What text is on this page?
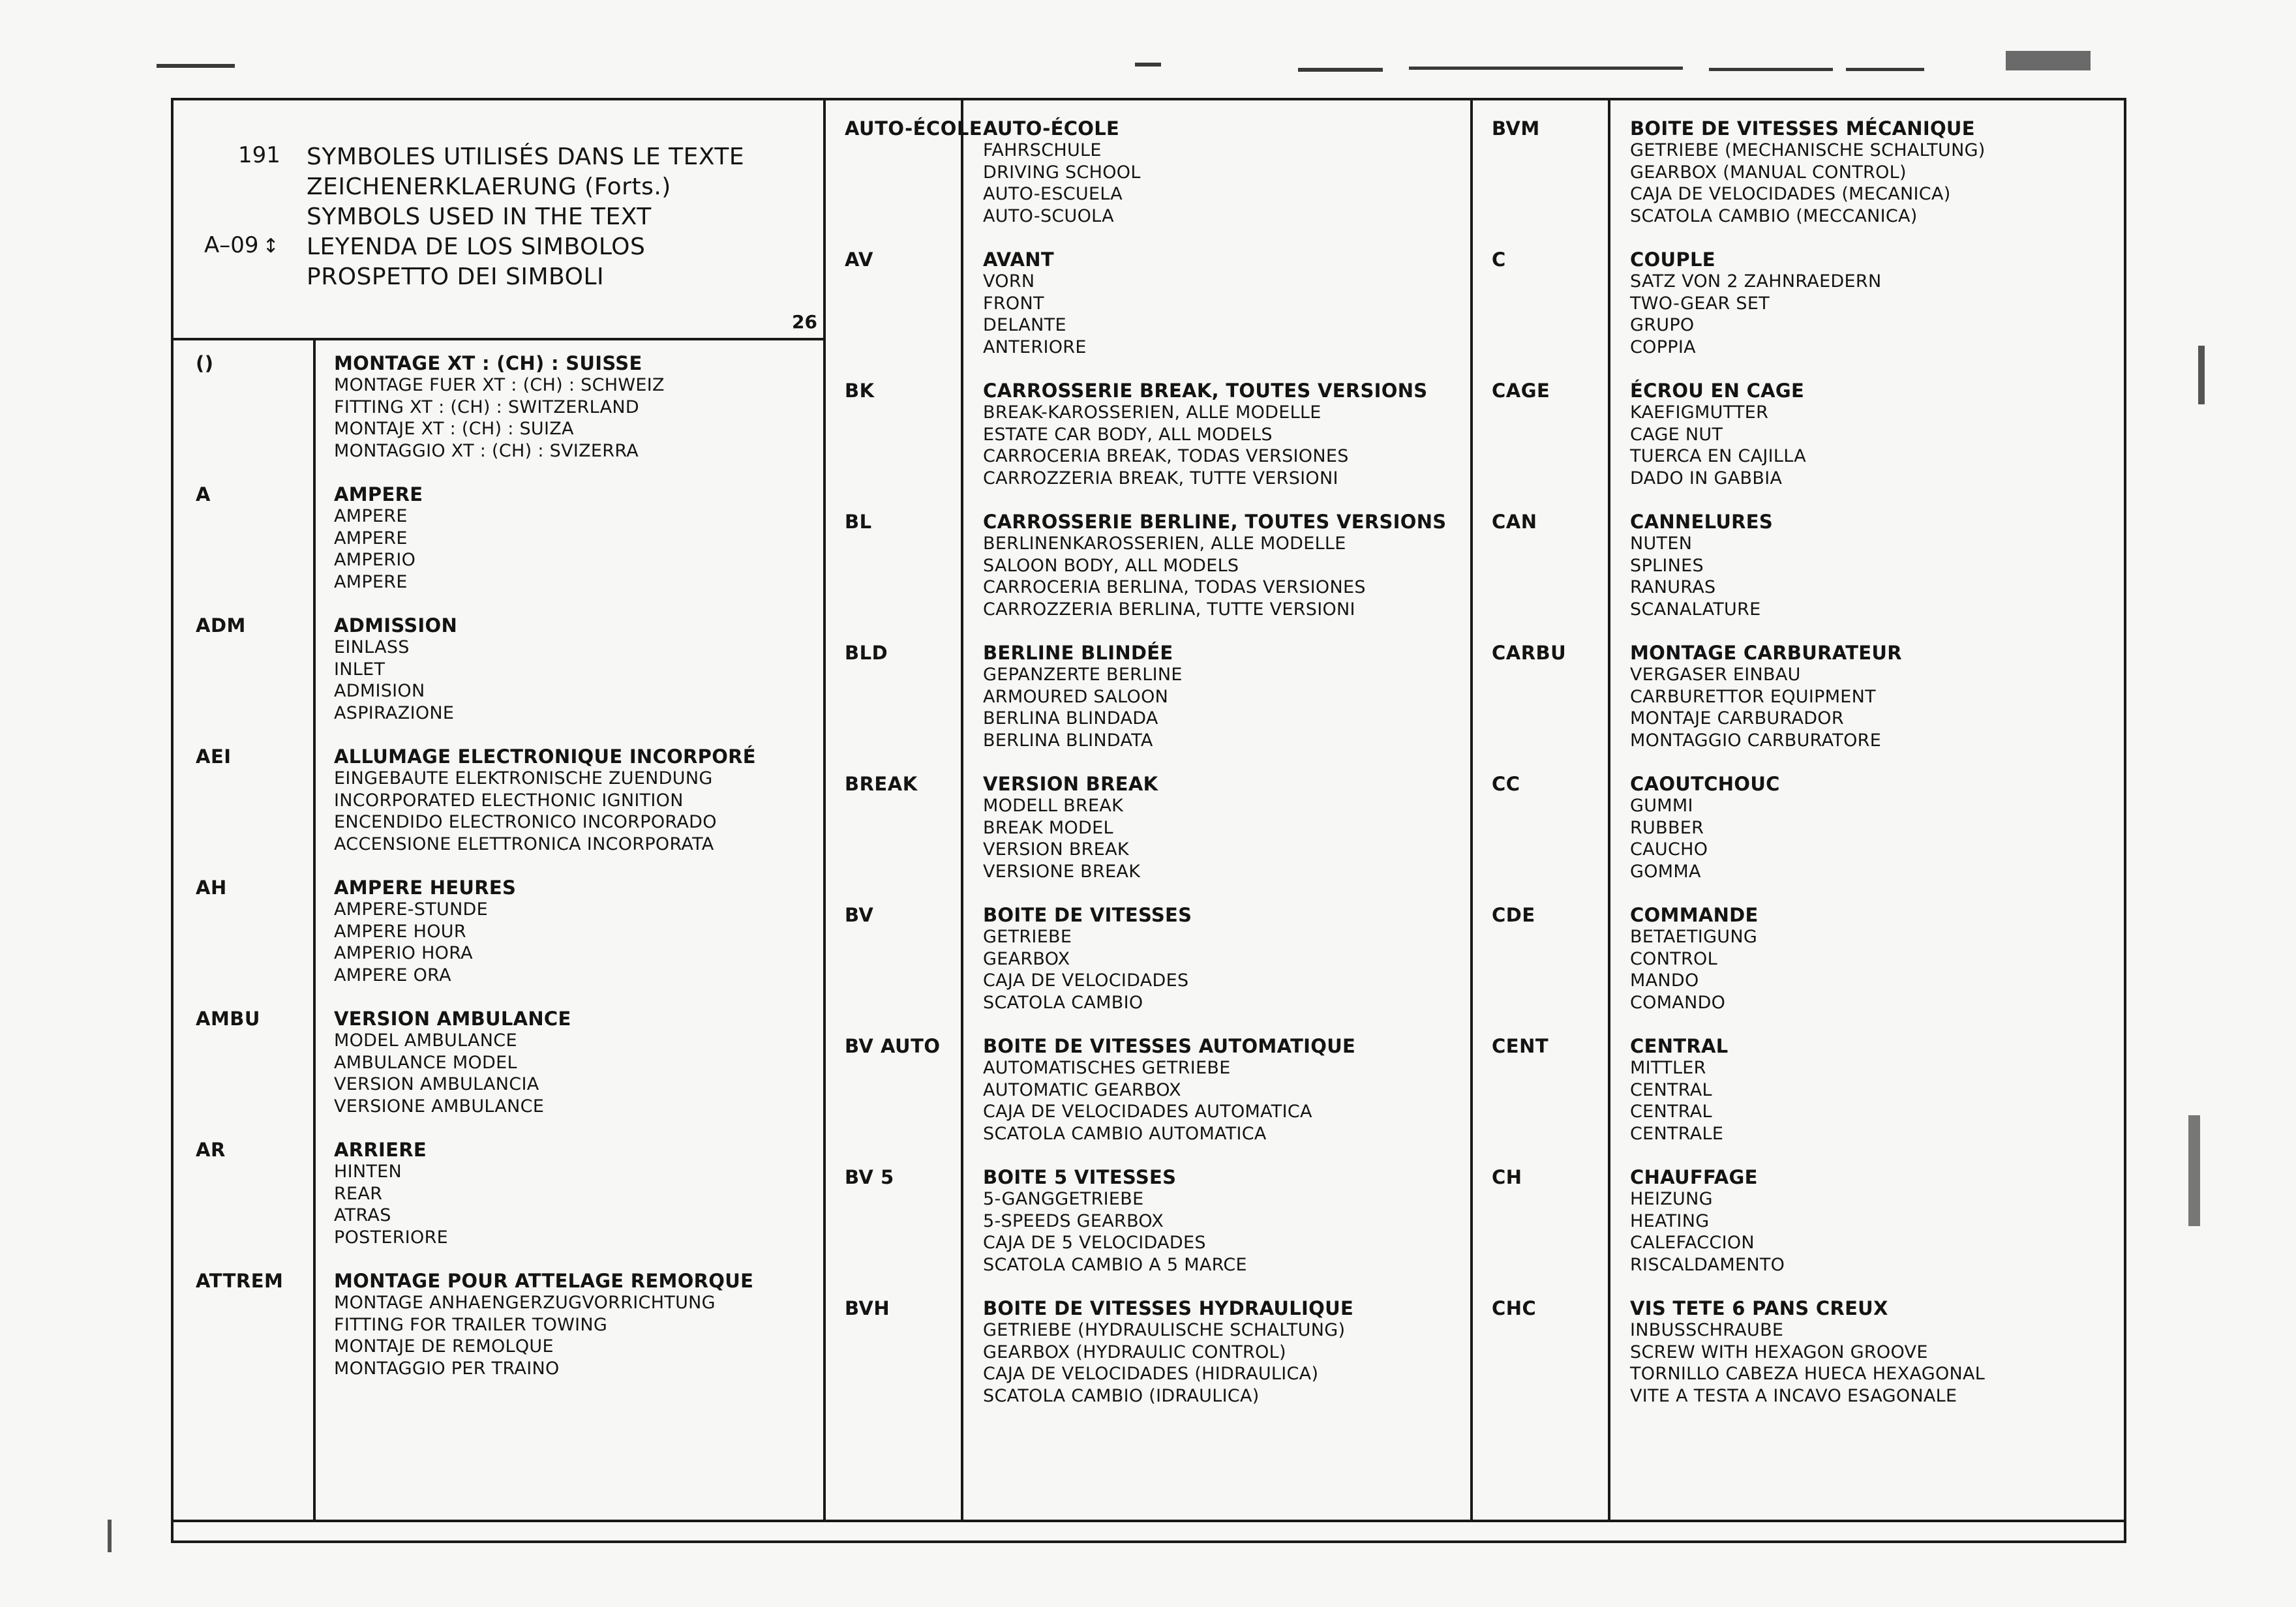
191
A–09 ↕
SYMBOLES UTILISÉS DANS LE TEXTE
ZEICHENERKLAERUNG (Forts.)
SYMBOLS USED IN THE TEXT
LEYENDA DE LOS SIMBOLOS
PROSPETTO DEI SIMBOLI
26
()	MONTAGE XT : (CH) : SUISSE
MONTAGE FUER XT : (CH) : SCHWEIZ
FITTING XT : (CH) : SWITZERLAND
MONTAJE XT : (CH) : SUIZA
MONTAGGIO XT : (CH) : SVIZERRA
A	AMPERE
AMPERE
AMPERE
AMPERIO
AMPERE
ADM	ADMISSION
EINLASS
INLET
ADMISION
ASPIRAZIONE
AEI	ALLUMAGE ELECTRONIQUE INCORPORÉ
EINGEBAUTE ELEKTRONISCHE ZUENDUNG
INCORPORATED ELECTHONIC IGNITION
ENCENDIDO ELECTRONICO INCORPORADO
ACCENSIONE ELETTRONICA INCORPORATA
AH	AMPERE HEURES
AMPERE-STUNDE
AMPERE HOUR
AMPERIO HORA
AMPERE ORA
AMBU	VERSION AMBULANCE
MODEL AMBULANCE
AMBULANCE MODEL
VERSION AMBULANCIA
VERSIONE AMBULANCE
AR	ARRIERE
HINTEN
REAR
ATRAS
POSTERIORE
ATTREM	MONTAGE POUR ATTELAGE REMORQUE
MONTAGE ANHAENGERZUGVORRICHTUNG
FITTING FOR TRAILER TOWING
MONTAJE DE REMOLQUE
MONTAGGIO PER TRAINO
AUTO-ÉCOLE AUTO-ÉCOLE
FAHRSCHULE
DRIVING SCHOOL
AUTO-ESCUELA
AUTO-SCUOLA
AV	AVANT
VORN
FRONT
DELANTE
ANTERIORE
BK	CARROSSERIE BREAK, TOUTES VERSIONS
BREAK-KAROSSERIEN, ALLE MODELLE
ESTATE CAR BODY, ALL MODELS
CARROCERIA BREAK, TODAS VERSIONES
CARROZZERIA BREAK, TUTTE VERSIONI
BL	CARROSSERIE BERLINE, TOUTES VERSIONS
BERLINENKAROSSERIEN, ALLE MODELLE
SALOON BODY, ALL MODELS
CARROCERIA BERLINA, TODAS VERSIONES
CARROZZERIA BERLINA, TUTTE VERSIONI
BLD	BERLINE BLINDÉE
GEPANZERTE BERLINE
ARMOURED SALOON
BERLINA BLINDADA
BERLINA BLINDATA
BREAK	VERSION BREAK
MODELL BREAK
BREAK MODEL
VERSION BREAK
VERSIONE BREAK
BV	BOITE DE VITESSES
GETRIEBE
GEARBOX
CAJA DE VELOCIDADES
SCATOLA CAMBIO
BV AUTO BOITE DE VITESSES AUTOMATIQUE
AUTOMATISCHES GETRIEBE
AUTOMATIC GEARBOX
CAJA DE VELOCIDADES AUTOMATICA
SCATOLA CAMBIO AUTOMATICA
BV 5	BOITE 5 VITESSES
5-GANGGETRIEBE
5-SPEEDS GEARBOX
CAJA DE 5 VELOCIDADES
SCATOLA CAMBIO A 5 MARCE
BVH	BOITE DE VITESSES HYDRAULIQUE
GETRIEBE (HYDRAULISCHE SCHALTUNG)
GEARBOX (HYDRAULIC CONTROL)
CAJA DE VELOCIDADES (HIDRAULICA)
SCATOLA CAMBIO (IDRAULICA)
BVM	BOITE DE VITESSES MÉCANIQUE
GETRIEBE (MECHANISCHE SCHALTUNG)
GEARBOX (MANUAL CONTROL)
CAJA DE VELOCIDADES (MECANICA)
SCATOLA CAMBIO (MECCANICA)
C	COUPLE
SATZ VON 2 ZAHNRAEDERN
TWO-GEAR SET
GRUPO
COPPIA
CAGE	ÉCROU EN CAGE
KAEFIGMUTTER
CAGE NUT
TUERCA EN CAJILLA
DADO IN GABBIA
CAN	CANNELURES
NUTEN
SPLINES
RANURAS
SCANALATURE
CARBU	MONTAGE CARBURATEUR
VERGASER EINBAU
CARBURETTOR EQUIPMENT
MONTAJE CARBURADOR
MONTAGGIO CARBURATORE
CC	CAOUTCHOUC
GUMMI
RUBBER
CAUCHO
GOMMA
CDE	COMMANDE
BETAETIGUNG
CONTROL
MANDO
COMANDO
CENT	CENTRAL
MITTLER
CENTRAL
CENTRAL
CENTRALE
CH	CHAUFFAGE
HEIZUNG
HEATING
CALEFACCION
RISCALDAMENTO
CHC	VIS TETE 6 PANS CREUX
INBUSSCHRAUBE
SCREW WITH HEXAGON GROOVE
TORNILLO CABEZA HUECA HEXAGONAL
VITE A TESTA A INCAVO ESAGONALE
